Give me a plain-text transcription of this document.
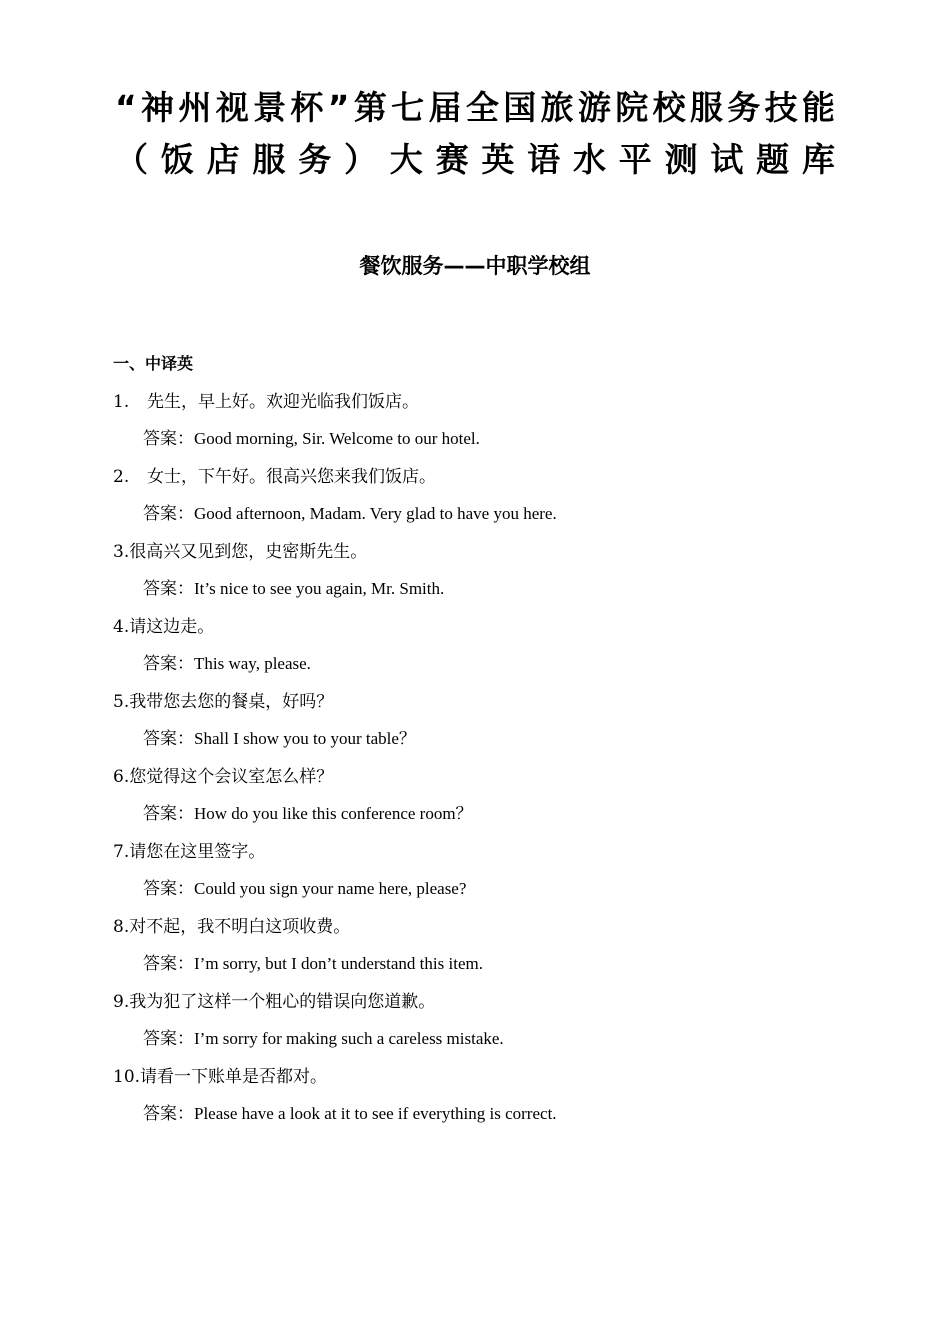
“ 神 州 视 景 杯 ” 第 七 届 全 国 旅 游 院 校 服 务 技 能
（ 饭 店 服 务 ） 大 赛 英 语 水 平 测 试 题 库
餐饮服务——中职学校组
一、中译英
1. 先生，早上好。欢迎光临我们饭店。
答案：Good morning, Sir. Welcome to our hotel.
2. 女士，下午好。很高兴您来我们饭店。
答案：Good afternoon, Madam. Very glad to have you here.
3.很高兴又见到您，史密斯先生。
答案：It’s nice to see you again, Mr. Smith.
4.请这边走。
答案：This way, please.
5.我带您去您的餐桌，好吗？
答案：Shall I show you to your table？
6.您觉得这个会议室怎么样？
答案：How do you like this conference room？
7.请您在这里签字。
答案：Could you sign your name here, please?
8.对不起，我不明白这项收费。
答案：I’m sorry, but I don’t understand this item.
9.我为犯了这样一个粗心的错误向您道歉。
答案：I’m sorry for making such a careless mistake.
10.请看一下账单是否都对。
答案：Please have a look at it to see if everything is correct.
